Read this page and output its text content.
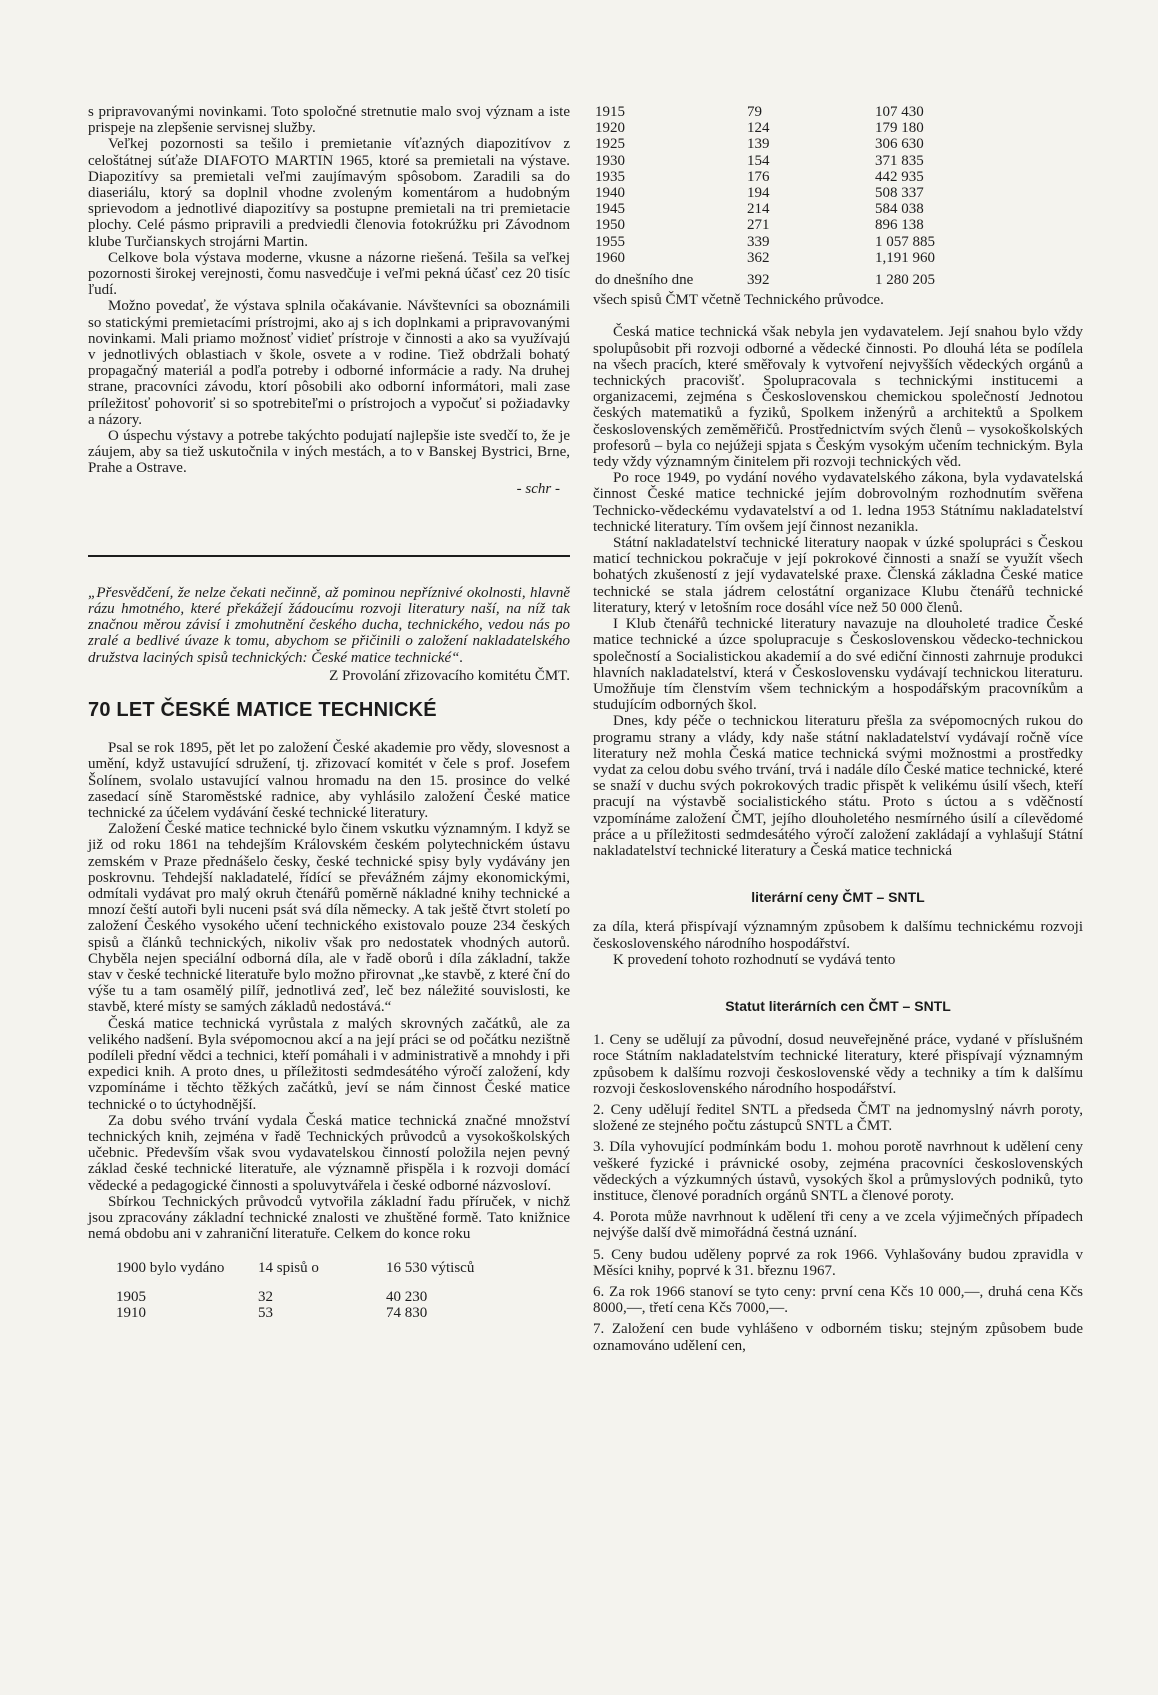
s pripravovanými novinkami. Toto spoločné stretnutie malo svoj význam a iste prispeje na zlepšenie servisnej služby.

Veľkej pozornosti sa tešilo i premietanie víťazných diapozitívov z celoštátnej súťaže DIAFOTO MARTIN 1965, ktoré sa premietali na výstave. Diapozitívy sa premietali veľmi zaujímavým spôsobom. Zaradili sa do diaseriálu, ktorý sa doplnil vhodne zvoleným komentárom a hudobným sprievodom a jednotlivé diapozitívy sa postupne premietali na tri premietacie plochy. Celé pásmo pripravili a predviedli členovia fotokrúžku pri Závodnom klube Turčianskych strojárni Martin.

Celkove bola výstava moderne, vkusne a názorne riešená. Tešila sa veľkej pozornosti širokej verejnosti, čomu nasvedčuje i veľmi pekná účasť cez 20 tisíc ľudí.

Možno povedať, že výstava splnila očakávanie. Návštevníci sa oboznámili so statickými premietacími prístrojmi, ako aj s ich doplnkami a pripravovanými novinkami. Mali priamo možnosť vidieť prístroje v činnosti a ako sa využívajú v jednotlivých oblastiach v škole, osvete a v rodine. Tiež obdržali bohatý propagačný materiál a podľa potreby i odborné informácie a rady. Na druhej strane, pracovníci závodu, ktorí pôsobili ako odborní informátori, mali zase príležitosť pohovoriť si so spotrebiteľmi o prístrojoch a vypočuť si požiadavky a názory.

O úspechu výstavy a potrebe takýchto podujatí najlepšie iste svedčí to, že je záujem, aby sa tiež uskutočnila v iných mestách, a to v Banskej Bystrici, Brne, Prahe a Ostrave.

- schr -

„Přesvědčení, že nelze čekati nečinně, až pominou nepříznivé okolnosti, hlavně rázu hmotného, které překážejí žádoucímu rozvoji literatury naší, na níž tak značnou měrou závisí i zmohutnění českého ducha, technického, vedou nás po zralé a bedlivé úvaze k tomu, abychom se přičinili o založení nakladatelského družstva laciných spisů technických: České matice technické“.

Z Provolání zřizovacího komitétu ČMT.

70 LET ČESKÉ MATICE TECHNICKÉ

Psal se rok 1895, pět let po založení České akademie pro vědy, slovesnost a umění, když ustavující sdružení, tj. zřizovací komitét v čele s prof. Josefem Šolínem, svolalo ustavující valnou hromadu na den 15. prosince do velké zasedací síně Staroměstské radnice, aby vyhlásilo založení České matice technické za účelem vydávání české technické literatury.

Založení České matice technické bylo činem vskutku významným. I když se již od roku 1861 na tehdejším Královském českém polytechnickém ústavu zemském v Praze přednášelo česky, české technické spisy byly vydávány jen poskrovnu. Tehdejší nakladatelé, řídící se převážném zájmy ekonomickými, odmítali vydávat pro malý okruh čtenářů poměrně nákladné knihy technické a mnozí čeští autoři byli nuceni psát svá díla německy. A tak ještě čtvrt století po založení Českého vysokého učení technického existovalo pouze 234 českých spisů a článků technických, nikoliv však pro nedostatek vhodných autorů. Chyběla nejen speciální odborná díla, ale v řadě oborů i díla základní, takže stav v české technické literatuře bylo možno přirovnat „ke stavbě, z které ční do výše tu a tam osamělý pilíř, jednotlivá zeď, leč bez náležité souvislosti, ke stavbě, které místy se samých základů nedostává.“

Česká matice technická vyrůstala z malých skrovných začátků, ale za velikého nadšení. Byla svépomocnou akcí a na její práci se od počátku nezištně podíleli přední vědci a technici, kteří pomáhali i v administrativě a mnohdy i při expedici knih. A proto dnes, u příležitosti sedmdesátého výročí založení, kdy vzpomínáme i těchto těžkých začátků, jeví se nám činnost České matice technické o to úctyhodnější.

Za dobu svého trvání vydala Česká matice technická značné množství technických knih, zejména v řadě Technických průvodců a vysokoškolských učebnic. Především však svou vydavatelskou činností položila nejen pevný základ české technické literatuře, ale významně přispěla i k rozvoji domácí vědecké a pedagogické činnosti a spoluvytvářela i české odborné názvosloví.

Sbírkou Technických průvodců vytvořila základní řadu příruček, v nichž jsou zpracovány základní technické znalosti ve zhuštěné formě. Tato knižnice nemá obdobu ani v zahraniční literatuře. Celkem do konce roku

1900 bylo vydáno	14 spisů o	16 530 výtisců

1905	32	40 230
1910	53	74 830
1915	79	107 430
1920	124	179 180
1925	139	306 630
1930	154	371 835
1935	176	442 935
1940	194	508 337
1945	214	584 038
1950	271	896 138
1955	339	1 057 885
1960	362	1,191 960
do dnešního dne	392	1 280 205

všech spisů ČMT včetně Technického průvodce.

Česká matice technická však nebyla jen vydavatelem. Její snahou bylo vždy spolupůsobit při rozvoji odborné a vědecké činnosti. Po dlouhá léta se podílela na všech pracích, které směřovaly k vytvoření nejvyšších vědeckých orgánů a technických pracovišť. Spolupracovala s technickými institucemi a organizacemi, zejména s Československou chemickou společností Jednotou českých matematiků a fyziků, Spolkem inženýrů a architektů a Spolkem československých zeměměřičů. Prostřednictvím svých členů – vysokoškolských profesorů – byla co nejúžeji spjata s Českým vysokým učením technickým. Byla tedy vždy významným činitelem při rozvoji technických věd.

Po roce 1949, po vydání nového vydavatelského zákona, byla vydavatelská činnost České matice technické jejím dobrovolným rozhodnutím svěřena Technicko-vědeckému vydavatelství a od 1. ledna 1953 Státnímu nakladatelství technické literatury. Tím ovšem její činnost nezanikla.

Státní nakladatelství technické literatury naopak v úzké spolupráci s Českou maticí technickou pokračuje v její pokrokové činnosti a snaží se využít všech bohatých zkušeností z její vydavatelské praxe. Členská základna České matice technické se stala jádrem celostátní organizace Klubu čtenářů technické literatury, který v letošním roce dosáhl více než 50 000 členů.

I Klub čtenářů technické literatury navazuje na dlouholeté tradice České matice technické a úzce spolupracuje s Československou vědecko-technickou společností a Socialistickou akademií a do své ediční činnosti zahrnuje produkci hlavních nakladatelství, která v Československu vydávají technickou literaturu. Umožňuje tím členstvím všem technickým a hospodářským pracovníkům a studujícím odborných škol.

Dnes, kdy péče o technickou literaturu přešla za svépomocných rukou do programu strany a vlády, kdy naše státní nakladatelství vydávají ročně více literatury než mohla Česká matice technická svými možnostmi a prostředky vydat za celou dobu svého trvání, trvá i nadále dílo České matice technické, které se snaží v duchu svých pokrokových tradic přispět k velikému úsilí všech, kteří pracují na výstavbě socialistického státu. Proto s úctou a s vděčností vzpomínáme založení ČMT, jejího dlouholetého nesmírného úsilí a cílevědomé práce a u příležitosti sedmdesátého výročí založení zakládají a vyhlašují Státní nakladatelství technické literatury a Česká matice technická

literární ceny ČMT – SNTL

za díla, která přispívají významným způsobem k dalšímu technickému rozvoji československého národního hospodářství.

K provedení tohoto rozhodnutí se vydává tento

Statut literárních cen ČMT – SNTL

1. Ceny se udělují za původní, dosud neuveřejněné práce, vydané v příslušném roce Státním nakladatelstvím technické literatury, které přispívají významným způsobem k dalšímu rozvoji československé vědy a techniky a tím k dalšímu rozvoji československého národního hospodářství.

2. Ceny udělují ředitel SNTL a předseda ČMT na jednomyslný návrh poroty, složené ze stejného počtu zástupců SNTL a ČMT.

3. Díla vyhovující podmínkám bodu 1. mohou porotě navrhnout k udělení ceny veškeré fyzické i právnické osoby, zejména pracovníci československých vědeckých a výzkumných ústavů, vysokých škol a průmyslových podniků, tyto instituce, členové poradních orgánů SNTL a členové poroty.

4. Porota může navrhnout k udělení tři ceny a ve zcela výjimečných případech nejvýše další dvě mimořádná čestná uznání.

5. Ceny budou uděleny poprvé za rok 1966. Vyhlašovány budou zpravidla v Měsíci knihy, poprvé k 31. březnu 1967.

6. Za rok 1966 stanoví se tyto ceny: první cena Kčs 10 000,—, druhá cena Kčs 8000,—, třetí cena Kčs 7000,—.

7. Založení cen bude vyhlášeno v odborném tisku; stejným způsobem bude oznamováno udělení cen,
